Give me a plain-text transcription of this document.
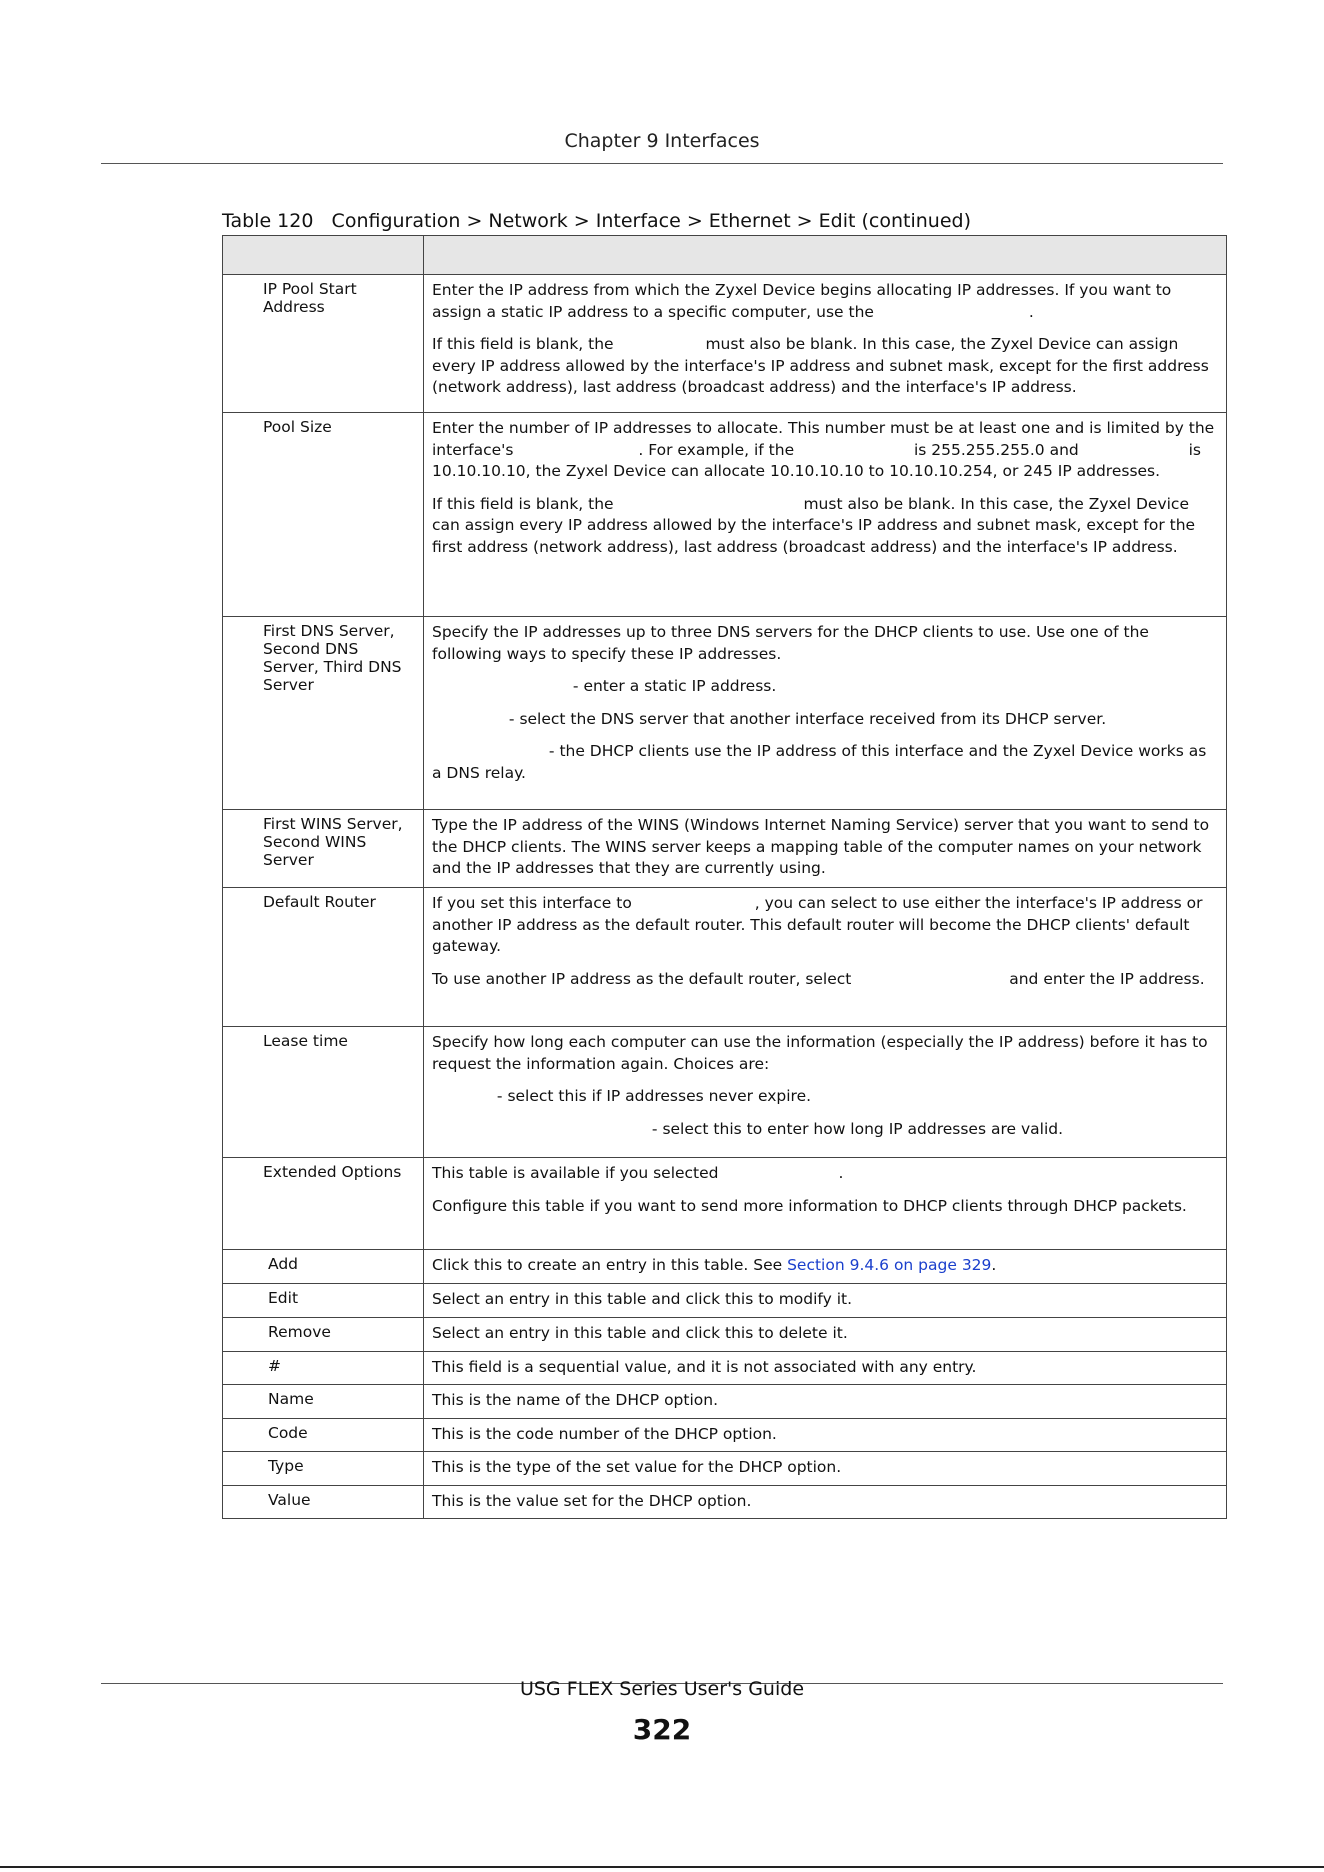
Chapter 9 Interfaces
Table 120   Configuration > Network > Interface > Ethernet > Edit (continued)

IP Pool Start Address	Enter the IP address from which the Zyxel Device begins allocating IP addresses. If you want to assign a static IP address to a specific computer, use the .

If this field is blank, the must also be blank. In this case, the Zyxel Device can assign every IP address allowed by the interface's IP address and subnet mask, except for the first address (network address), last address (broadcast address) and the interface's IP address.

Pool Size	Enter the number of IP addresses to allocate. This number must be at least one and is limited by the interface's . For example, if the is 255.255.255.0 and is 10.10.10.10, the Zyxel Device can allocate 10.10.10.10 to 10.10.10.254, or 245 IP addresses.

If this field is blank, the must also be blank. In this case, the Zyxel Device can assign every IP address allowed by the interface's IP address and subnet mask, except for the first address (network address), last address (broadcast address) and the interface's IP address.

First DNS Server, Second DNS Server, Third DNS Server	Specify the IP addresses up to three DNS servers for the DHCP clients to use. Use one of the following ways to specify these IP addresses.

- enter a static IP address.

- select the DNS server that another interface received from its DHCP server.

- the DHCP clients use the IP address of this interface and the Zyxel Device works as a DNS relay.

First WINS Server, Second WINS Server	Type the IP address of the WINS (Windows Internet Naming Service) server that you want to send to the DHCP clients. The WINS server keeps a mapping table of the computer names on your network and the IP addresses that they are currently using.

Default Router	If you set this interface to , you can select to use either the interface's IP address or another IP address as the default router. This default router will become the DHCP clients' default gateway.

To use another IP address as the default router, select and enter the IP address.

Lease time	Specify how long each computer can use the information (especially the IP address) before it has to request the information again. Choices are:

- select this if IP addresses never expire.

- select this to enter how long IP addresses are valid.

Extended Options	This table is available if you selected .

Configure this table if you want to send more information to DHCP clients through DHCP packets.

Add	Click this to create an entry in this table. See Section 9.4.6 on page 329.
Edit	Select an entry in this table and click this to modify it.
Remove	Select an entry in this table and click this to delete it.
#	This field is a sequential value, and it is not associated with any entry.
Name	This is the name of the DHCP option.
Code	This is the code number of the DHCP option.
Type	This is the type of the set value for the DHCP option.
Value	This is the value set for the DHCP option.
USG FLEX Series User's Guide
322
